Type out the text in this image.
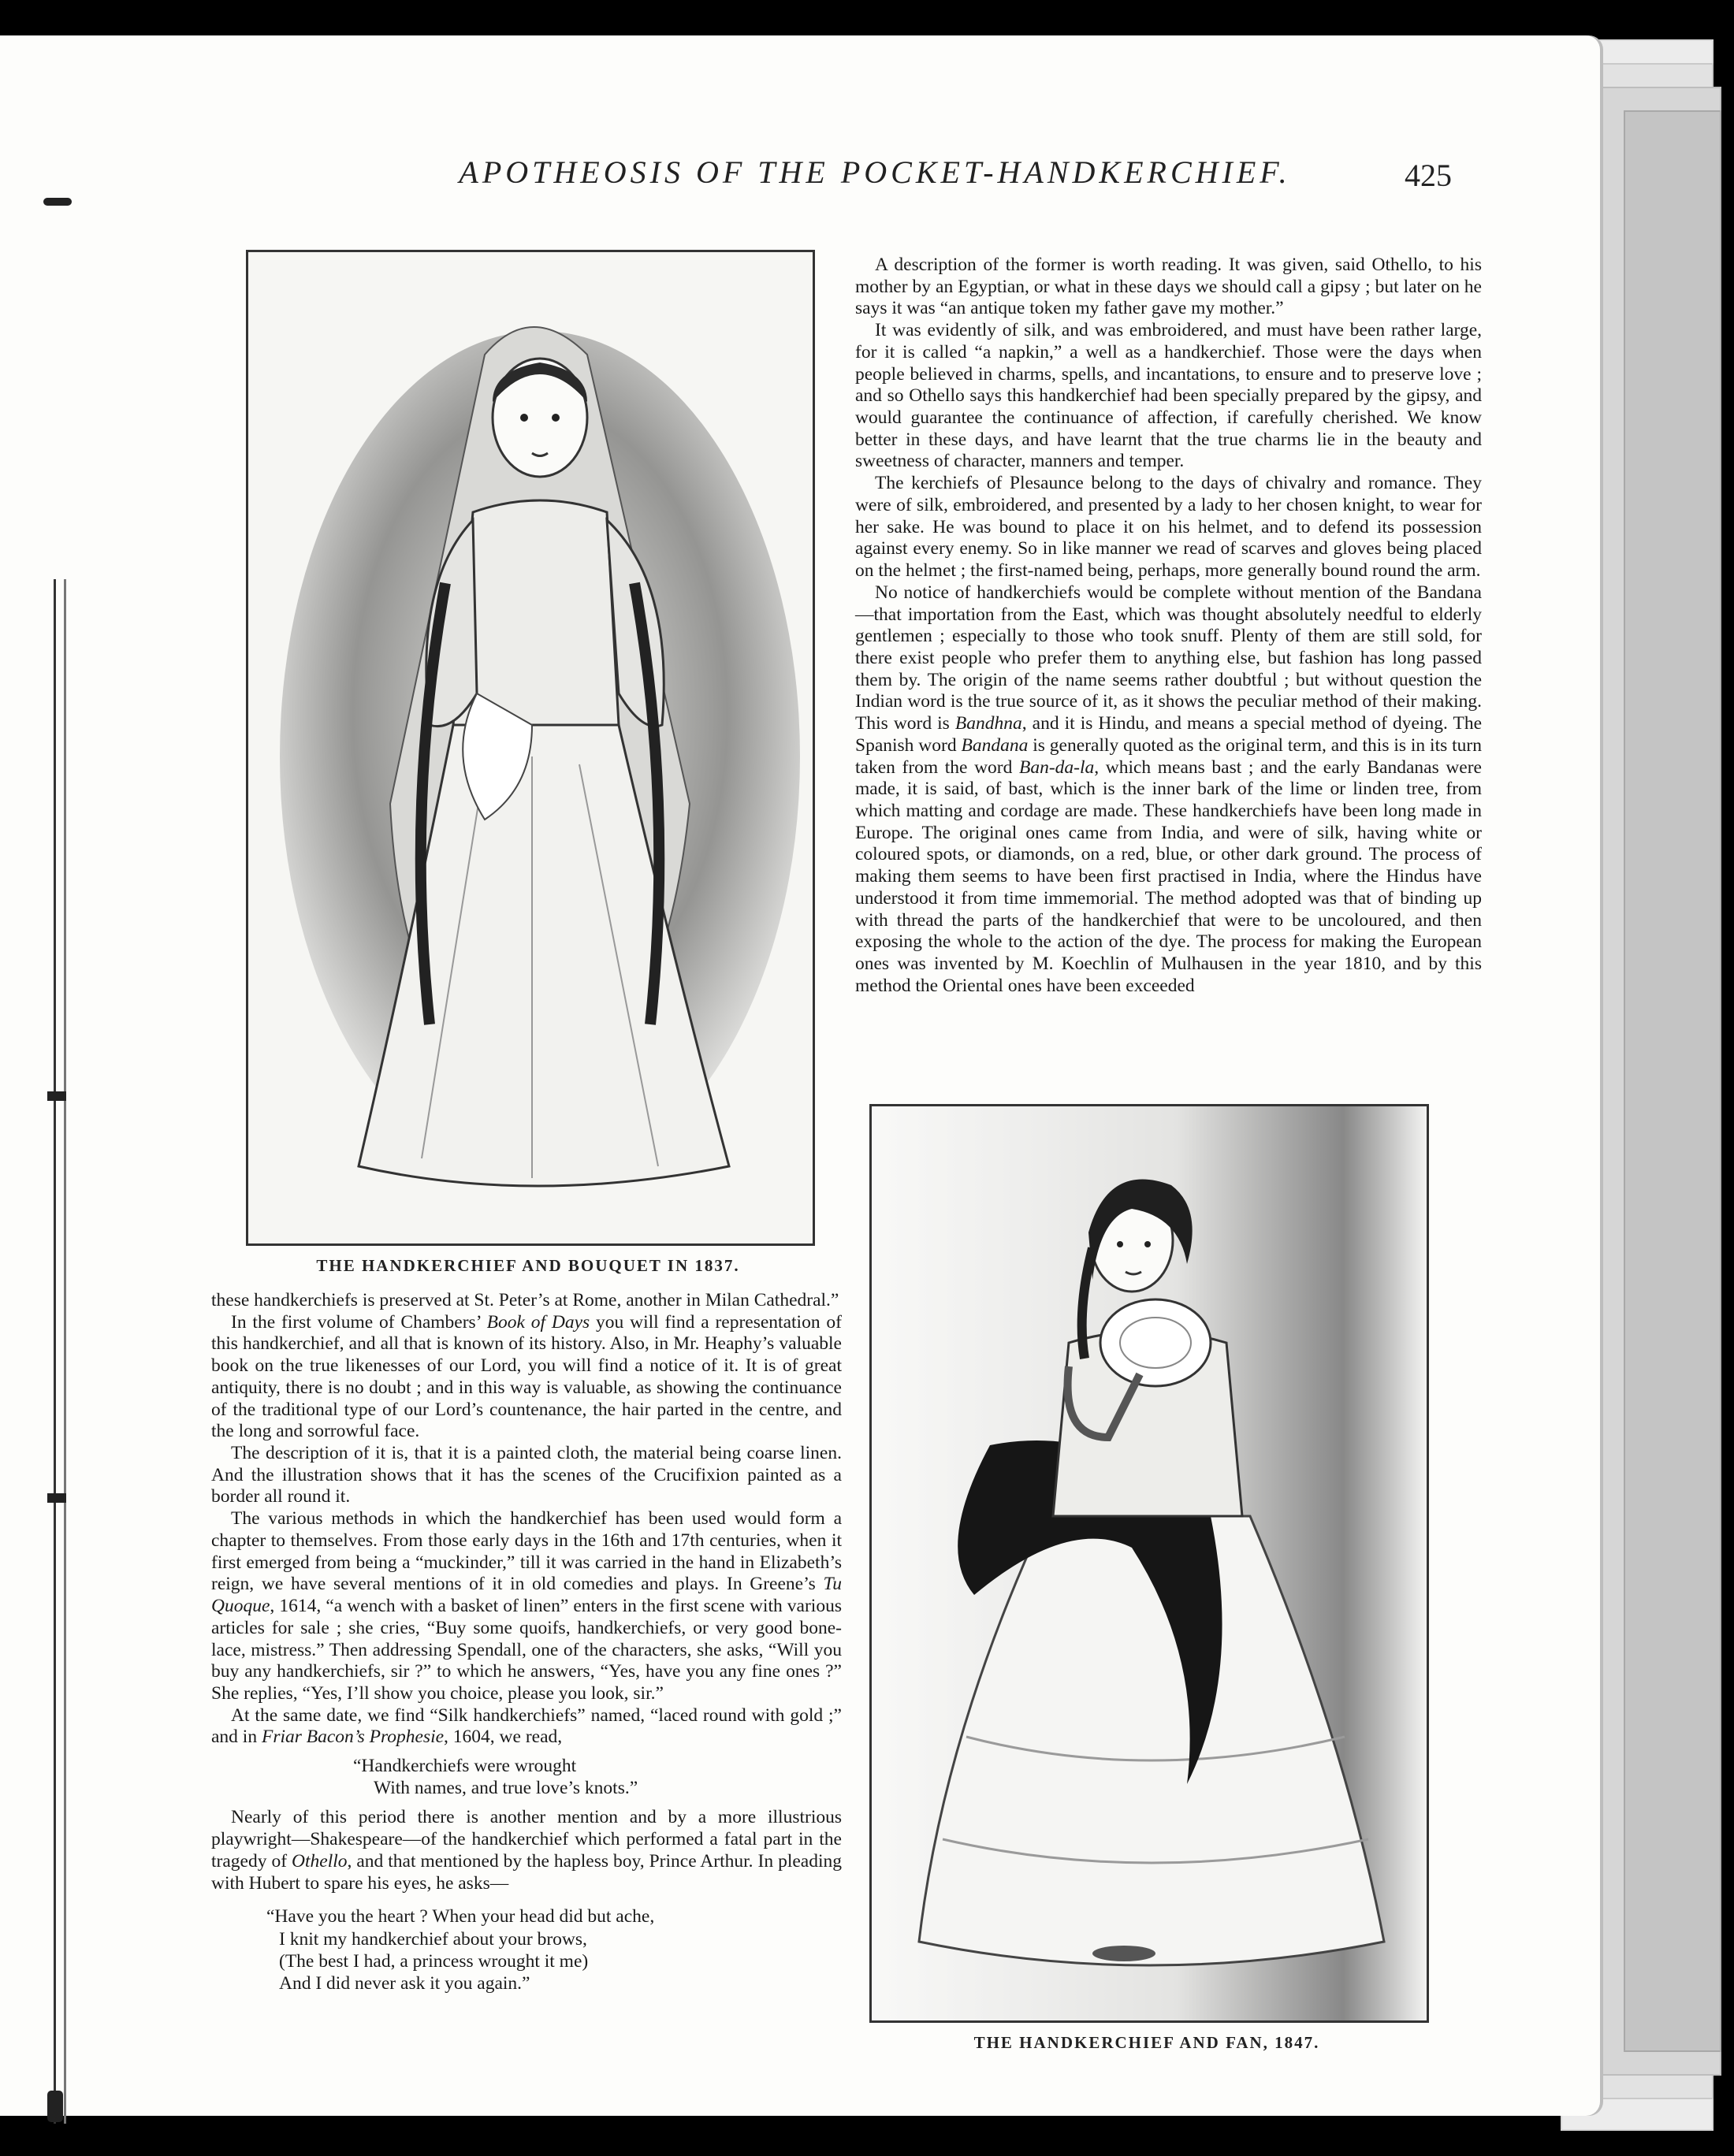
APOTHEOSIS OF THE POCKET-HANDKERCHIEF.	425
THE HANDKERCHIEF AND BOUQUET IN 1837.
THE HANDKERCHIEF AND FAN, 1847.

A description of the former is worth reading. It was given, said Othello, to his mother by an Egyptian, or what in these days we should call a gipsy ; but later on he says it was “an antique token my father gave my mother.”

It was evidently of silk, and was embroidered, and must have been rather large, for it is called “a napkin,” a well as a handkerchief. Those were the days when people believed in charms, spells, and incantations, to ensure and to preserve love ; and so Othello says this handkerchief had been specially prepared by the gipsy, and would guarantee the continuance of affection, if carefully cherished. We know better in these days, and have learnt that the true charms lie in the beauty and sweetness of character, manners and temper.

The kerchiefs of Plesaunce belong to the days of chivalry and romance. They were of silk, embroidered, and presented by a lady to her chosen knight, to wear for her sake. He was bound to place it on his helmet, and to defend its possession against every enemy. So in like manner we read of scarves and gloves being placed on the helmet ; the first-named being, perhaps, more generally bound round the arm.

No notice of handkerchiefs would be complete without mention of the Bandana—that importation from the East, which was thought absolutely needful to elderly gentlemen ; especially to those who took snuff. Plenty of them are still sold, for there exist people who prefer them to anything else, but fashion has long passed them by. The origin of the name seems rather doubtful ; but without question the Indian word is the true source of it, as it shows the peculiar method of their making. This word is Bandhna, and it is Hindu, and means a special method of dyeing. The Spanish word Bandana is generally quoted as the original term, and this is in its turn taken from the word Ban-da-la, which means bast ; and the early Bandanas were made, it is said, of bast, which is the inner bark of the lime or linden tree, from which matting and cordage are made. These handkerchiefs have been long made in Europe. The original ones came from India, and were of silk, having white or coloured spots, or diamonds, on a red, blue, or other dark ground. The process of making them seems to have been first practised in India, where the Hindus have understood it from time immemorial. The method adopted was that of binding up with thread the parts of the handkerchief that were to be uncoloured, and then exposing the whole to the action of the dye. The process for making the European ones was invented by M. Koechlin of Mulhausen in the year 1810, and by this method the Oriental ones have been exceeded

these handkerchiefs is preserved at St. Peter’s at Rome, another in Milan Cathedral.”

In the first volume of Chambers’ Book of Days you will find a representation of this handkerchief, and all that is known of its history. Also, in Mr. Heaphy’s valuable book on the true likenesses of our Lord, you will find a notice of it. It is of great antiquity, there is no doubt ; and in this way is valuable, as showing the continuance of the traditional type of our Lord’s countenance, the hair parted in the centre, and the long and sorrowful face.

The description of it is, that it is a painted cloth, the material being coarse linen. And the illustration shows that it has the scenes of the Crucifixion painted as a border all round it.

The various methods in which the handkerchief has been used would form a chapter to themselves. From those early days in the 16th and 17th centuries, when it first emerged from being a “muckinder,” till it was carried in the hand in Elizabeth’s reign, we have several mentions of it in old comedies and plays. In Greene’s Tu Quoque, 1614, “a wench with a basket of linen” enters in the first scene with various articles for sale ; she cries, “Buy some quoifs, handkerchiefs, or very good bone-lace, mistress.” Then addressing Spendall, one of the characters, she asks, “Will you buy any handkerchiefs, sir ?” to which he answers, “Yes, have you any fine ones ?” She replies, “Yes, I’ll show you choice, please you look, sir.”

At the same date, we find “Silk handkerchiefs” named, “laced round with gold ;” and in Friar Bacon’s Prophesie, 1604, we read,

“Handkerchiefs were wrought
With names, and true love’s knots.”

Nearly of this period there is another mention and by a more illustrious playwright—Shakespeare—of the handkerchief which performed a fatal part in the tragedy of Othello, and that mentioned by the hapless boy, Prince Arthur. In pleading with Hubert to spare his eyes, he asks—

“Have you the heart ? When your head did but ache,
I knit my handkerchief about your brows,
(The best I had, a princess wrought it me)
And I did never ask it you again.”
